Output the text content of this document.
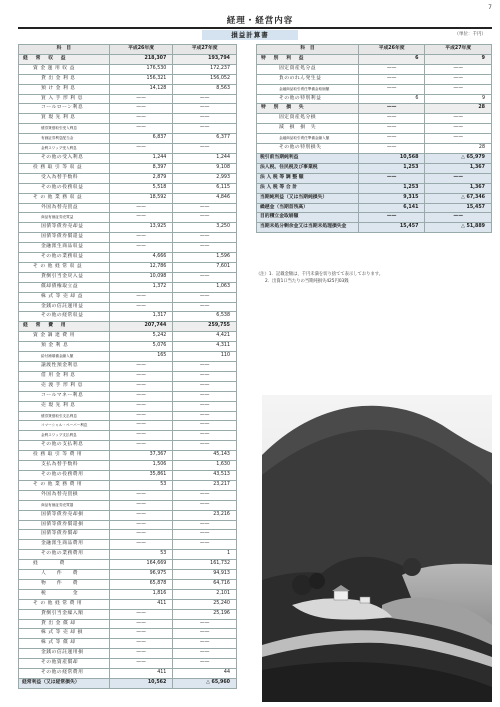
7
経理・経営内容
損益計算書	（単位：千円）
科　目	平成26年度	平成27年度
経　常　収　益	218,307	193,794
資 金 運 用 収 益	176,530	172,237
貸 出 金 利 息	156,321	156,052
預 け 金 利 息	14,128	8,563
買 入 手 形 利 息	——	——
コールローン利息	——	——
買 現 先 利 息	——	——
債券貸借取引受入利息	——	——
有価証券利息配当金	6,837	6,377
金利スワップ受入利息	——	——
その他の受入利息	1,244	1,244
役 務 取 引 等 収 益	8,397	9,108
受入為替手数料	2,879	2,993
その他の役務収益	5,518	6,115
そ の 他 業 務 収 益	18,592	4,846
外国為替売買益	——	——
商品有価証券売買益	——	——
国債等債券売却益	13,925	3,250
国債等債券償還益	——	——
金融派生商品収益	——	——
その他の業務収益	4,666	1,596
そ の 他 経 常 収 益	12,786	7,601
貸倒引当金戻入益	10,098	——
償却債権取立益	1,372	1,063
株 式 等 売 却 益	——	——
金銭の信託運用益	——	——
その他の経常収益	1,317	6,538
経　常　費　用	207,744	259,755
資 金 調 達 費 用	5,242	4,421
預 金 利 息	5,076	4,311
給付補填備金繰入額	165	110
譲渡性預金利息	——	——
借 用 金 利 息	——	——
売 渡 手 形 利 息	——	——
コールマネー利息	——	——
売 現 先 利 息	——	——
債券貸借取引支払利息	——	——
コマーシャル・ペーパー利息	——	——
金利スワップ支払利息	——	——
その他の支払利息	——	——
役 務 取 引 等 費 用	37,367	45,143
支払為替手数料	1,506	1,630
その他の役務費用	35,861	43,513
そ の 他 業 務 費 用	53	23,217
外国為替売買損	——	——
商品有価証券売買損	——	——
国債等債券売却損	——	23,216
国債等債券償還損	——	——
国債等債券償却	——	——
金融派生商品費用	——	——
その他の業務費用	53	1
経　　　　費	164,669	161,732
人　　件　　費	96,975	94,913
物　　件　　費	65,878	64,716
税　　　　　金	1,816	2,101
そ の 他 経 常 費 用	411	25,240
貸倒引当金繰入額	——	25,196
貸 出 金 償 却	——	——
株 式 等 売 却 損	——	——
株 式 等 償 却	——	——
金銭の信託運用損	——	——
その他資産償却	——	——
その他の経常費用	411	44
経常利益（又は経常損失）	10,562	△ 65,960
科　目	平成26年度	平成27年度
特　別　利　益	6	9
固定資産処分益	——	——
負ののれん発生益	——	——
金融商品取引責任準備金取崩額	——	——
その他の特別利益	6	9
特　別　損　失	——	28
固定資産処分損	——	——
減　損　損　失	——	——
金融商品取引責任準備金繰入額	——	——
その他の特別損失	——	28
税引前当期純利益	10,568	△ 65,979
法人税、住民税及び事業税	1,253	1,367
法 人 税 等 調 整 額	——	——
法 人 税 等 合 計	1,253	1,367
当期純利益（又は当期純損失）	9,315	△ 67,346
繰越金（当期首残高）	6,141	15,457
目的積立金取崩額	——	——
当期未処分剰余金又は当期未処理損失金	15,457	△ 51,889
（注）1．記載金額は、千円未満を切り捨てて表示しております。
2．出資1口当たりの当期純損失425円03銭
